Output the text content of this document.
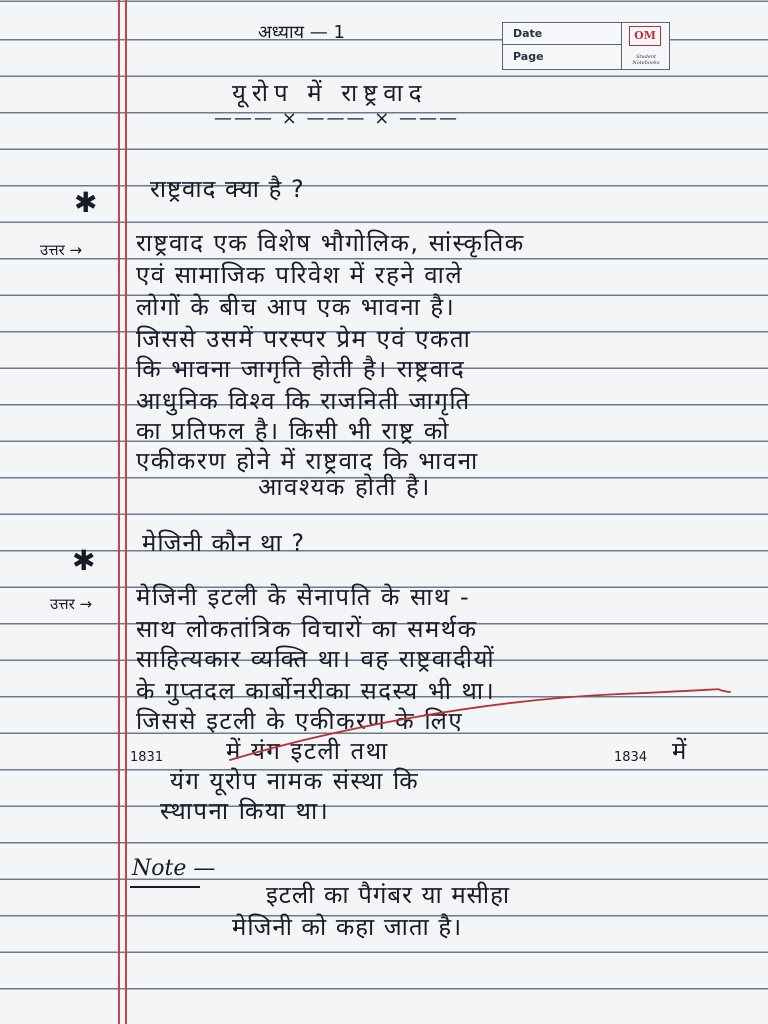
Date
Page
OM
Student Notebooks
अध्याय — 1
यूरोप में राष्ट्रवाद
——— × ——— × ———
✱ राष्ट्रवाद क्या है ?
उत्तर → राष्ट्रवाद एक विशेष भौगोलिक, सांस्कृतिक
एवं सामाजिक परिवेश में रहने वाले
लोगों के बीच आप एक भावना है।
जिससे उसमें परस्पर प्रेम एवं एकता
कि भावना जागृति होती है। राष्ट्रवाद
आधुनिक विश्व कि राजनिती जागृति
का प्रतिफल है। किसी भी राष्ट्र को
एकीकरण होने में राष्ट्रवाद कि भावना
आवश्यक होती है।
✱
मेजिनी कौन था ?
उत्तर → मेजिनी इटली के सेनापति के साथ -
साथ लोकतांत्रिक विचारों का समर्थक
साहित्यकार व्यक्ति था। वह राष्ट्रवादीयों
के गुप्तदल कार्बोनरीका सदस्य भी था।
जिससे इटली के एकीकरण के लिए
1831	में यंग इटली तथा	1834 में
यंग यूरोप नामक संस्था कि
स्थापना किया था।
Note —
इटली का पैगंबर या मसीहा
मेजिनी को कहा जाता है।
